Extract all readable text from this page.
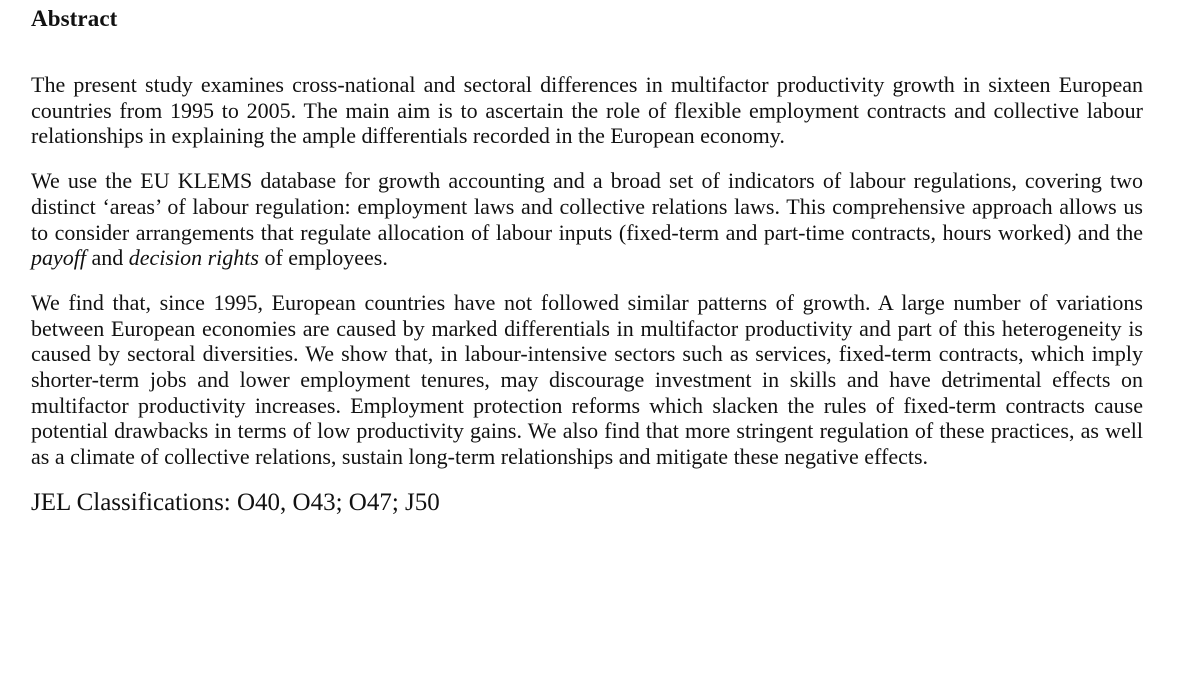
Abstract

The present study examines cross-national and sectoral differences in multifactor productivity growth in sixteen European countries from 1995 to 2005. The main aim is to ascertain the role of flexible employment contracts and collective labour relationships in explaining the ample differentials recorded in the European economy.

We use the EU KLEMS database for growth accounting and a broad set of indicators of labour regulations, covering two distinct ‘areas’ of labour regulation: employment laws and collective relations laws. This comprehensive approach allows us to consider arrangements that regulate allocation of labour inputs (fixed-term and part-time contracts, hours worked) and the payoff and decision rights of employees.

We find that, since 1995, European countries have not followed similar patterns of growth. A large number of variations between European economies are caused by marked differentials in multifactor productivity and part of this heterogeneity is caused by sectoral diversities. We show that, in labour-intensive sectors such as services, fixed-term contracts, which imply shorter-term jobs and lower employment tenures, may discourage investment in skills and have detrimental effects on multifactor productivity increases. Employment protection reforms which slacken the rules of fixed-term contracts cause potential drawbacks in terms of low productivity gains. We also find that more stringent regulation of these practices, as well as a climate of collective relations, sustain long-term relationships and mitigate these negative effects.

JEL Classifications: O40, O43; O47; J50
